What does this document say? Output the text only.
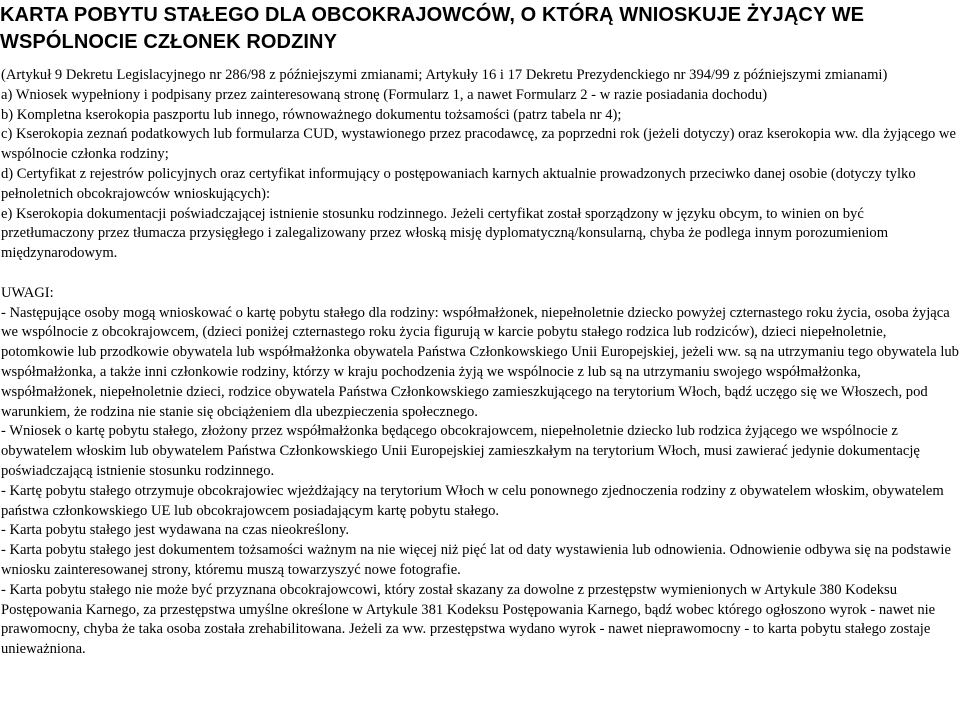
KARTA POBYTU STAŁEGO DLA OBCOKRAJOWCÓW, O KTÓRĄ WNIOSKUJE ŻYJĄCY WE WSPÓLNOCIE CZŁONEK RODZINY

(Artykuł 9 Dekretu Legislacyjnego nr 286/98 z późniejszymi zmianami; Artykuły 16 i 17 Dekretu Prezydenckiego nr 394/99 z późniejszymi zmianami)

a) Wniosek wypełniony i podpisany przez zainteresowaną stronę (Formularz 1, a nawet Formularz 2 - w razie posiadania dochodu)

b) Kompletna kserokopia paszportu lub innego, równoważnego dokumentu tożsamości (patrz tabela nr 4);

c) Kserokopia zeznań podatkowych lub formularza CUD, wystawionego przez pracodawcę, za poprzedni rok (jeżeli dotyczy) oraz kserokopia ww. dla żyjącego we wspólnocie członka rodziny;

d) Certyfikat z rejestrów policyjnych oraz certyfikat informujący o postępowaniach karnych aktualnie prowadzonych przeciwko danej osobie (dotyczy tylko pełnoletnich obcokrajowców wnioskujących):

e) Kserokopia dokumentacji poświadczającej istnienie stosunku rodzinnego. Jeżeli certyfikat został sporządzony w języku obcym, to winien on być przetłumaczony przez tłumacza przysięgłego i zalegalizowany przez włoską misję dyplomatyczną/konsularną, chyba że podlega innym porozumieniom międzynarodowym.

UWAGI:

- Następujące osoby mogą wnioskować o kartę pobytu stałego dla rodziny: współmałżonek, niepełnoletnie dziecko powyżej czternastego roku życia, osoba żyjąca we wspólnocie z obcokrajowcem, (dzieci poniżej czternastego roku życia figurują w karcie pobytu stałego rodzica lub rodziców), dzieci niepełnoletnie, potomkowie lub przodkowie obywatela lub współmałżonka obywatela Państwa Członkowskiego Unii Europejskiej, jeżeli ww. są na utrzymaniu tego obywatela lub współmałżonka, a także inni członkowie rodziny, którzy w kraju pochodzenia żyją we wspólnocie z lub są na utrzymaniu swojego współmałżonka, współmałżonek, niepełnoletnie dzieci, rodzice obywatela Państwa Członkowskiego zamieszkującego na terytorium Włoch, bądź uczęgo się we Włoszech, pod warunkiem, że rodzina nie stanie się obciążeniem dla ubezpieczenia społecznego.

- Wniosek o kartę pobytu stałego, złożony przez współmałżonka będącego obcokrajowcem, niepełnoletnie dziecko lub rodzica żyjącego we wspólnocie z obywatelem włoskim lub obywatelem Państwa Członkowskiego Unii Europejskiej zamieszkałym na terytorium Włoch, musi zawierać jedynie dokumentację poświadczającą istnienie stosunku rodzinnego.

- Kartę pobytu stałego otrzymuje obcokrajowiec wjeżdżający na terytorium Włoch w celu ponownego zjednoczenia rodziny z obywatelem włoskim, obywatelem państwa członkowskiego UE lub obcokrajowcem posiadającym kartę pobytu stałego.

- Karta pobytu stałego jest wydawana na czas nieokreślony.

- Karta pobytu stałego jest dokumentem tożsamości ważnym na nie więcej niż pięć lat od daty wystawienia lub odnowienia. Odnowienie odbywa się na podstawie wniosku zainteresowanej strony, któremu muszą towarzyszyć nowe fotografie.

- Karta pobytu stałego nie może być przyznana obcokrajowcowi, który został skazany za dowolne z przestępstw wymienionych w Artykule 380 Kodeksu Postępowania Karnego, za przestępstwa umyślne określone w Artykule 381 Kodeksu Postępowania Karnego, bądź wobec którego ogłoszono wyrok - nawet nie prawomocny, chyba że taka osoba została zrehabilitowana. Jeżeli za ww. przestępstwa wydano wyrok - nawet nieprawomocny - to karta pobytu stałego zostaje unieważniona.
